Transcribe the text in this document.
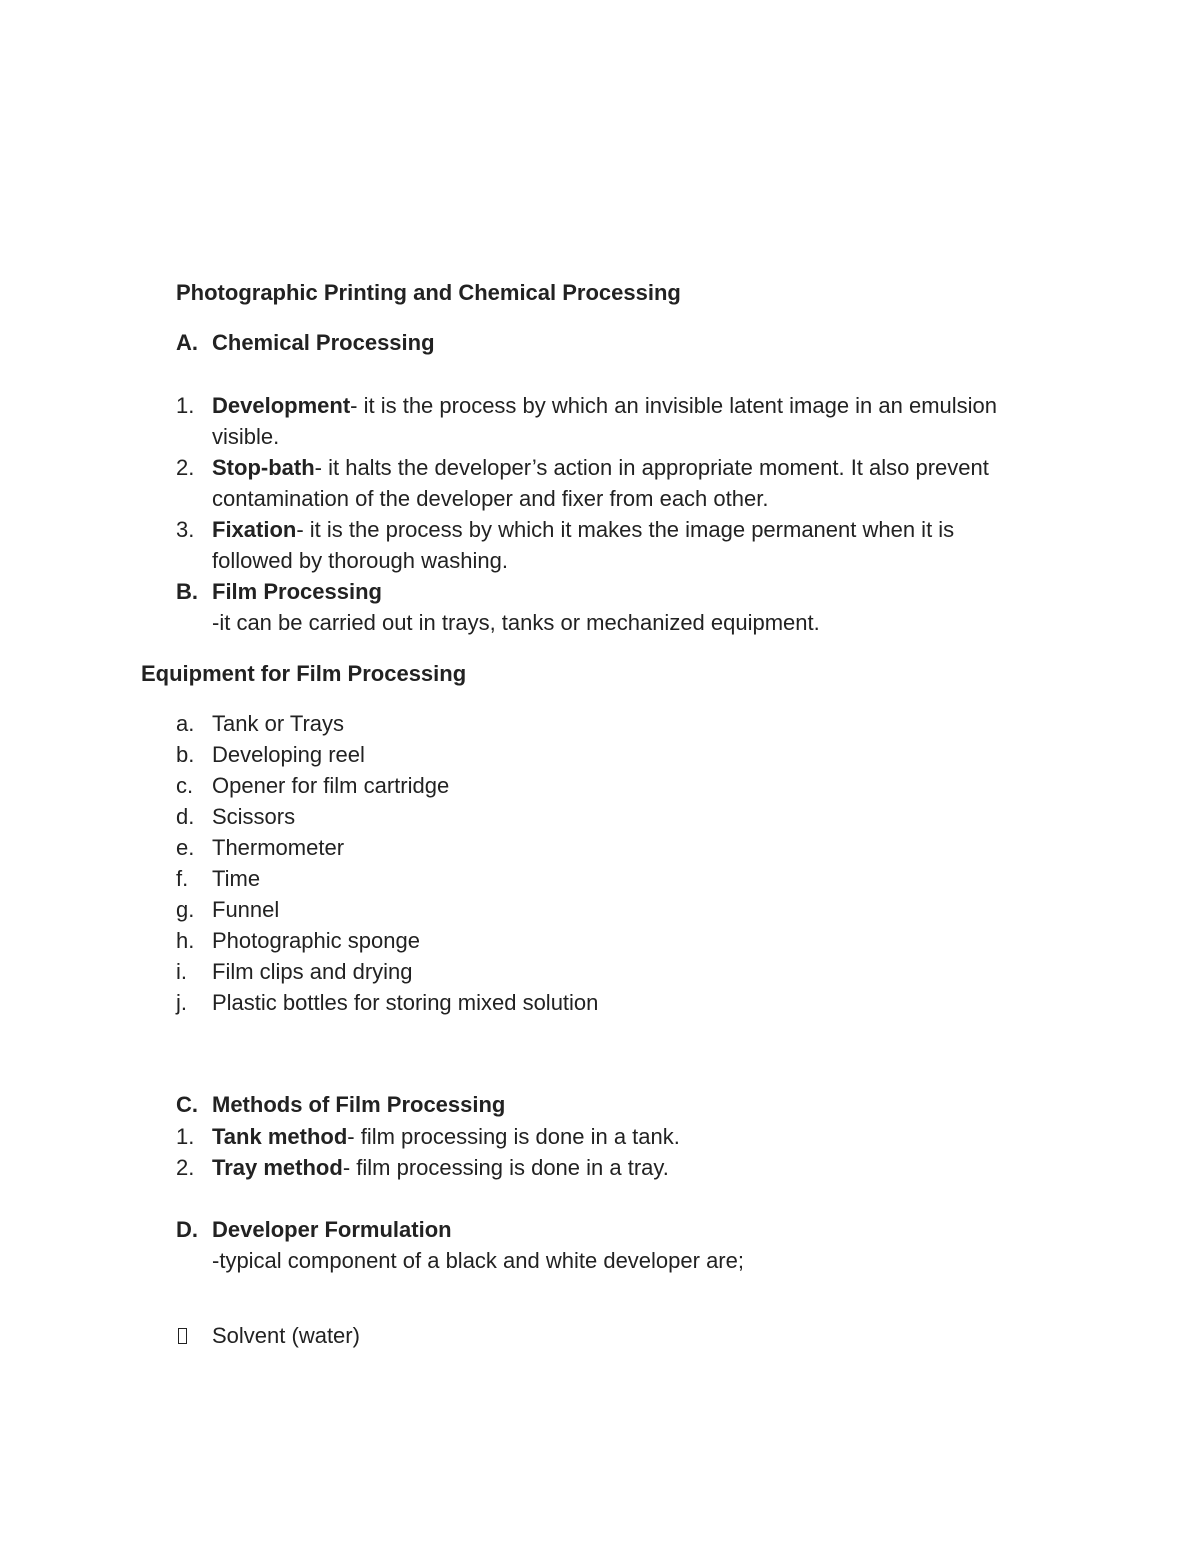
Photographic Printing and Chemical Processing
A. Chemical Processing
1. Development- it is the process by which an invisible latent image in an emulsion
visible.
2. Stop-bath- it halts the developer’s action in appropriate moment. It also prevent
contamination of the developer and fixer from each other.
3. Fixation- it is the process by which it makes the image permanent when it is
followed by thorough washing.
B. Film Processing
-it can be carried out in trays, tanks or mechanized equipment.
Equipment for Film Processing
a. Tank or Trays
b. Developing reel
c. Opener for film cartridge
d. Scissors
e. Thermometer
f. Time
g. Funnel
h. Photographic sponge
i. Film clips and drying
j. Plastic bottles for storing mixed solution
C. Methods of Film Processing
1. Tank method- film processing is done in a tank.
2. Tray method- film processing is done in a tray.
D. Developer Formulation
-typical component of a black and white developer are;
Solvent (water)
